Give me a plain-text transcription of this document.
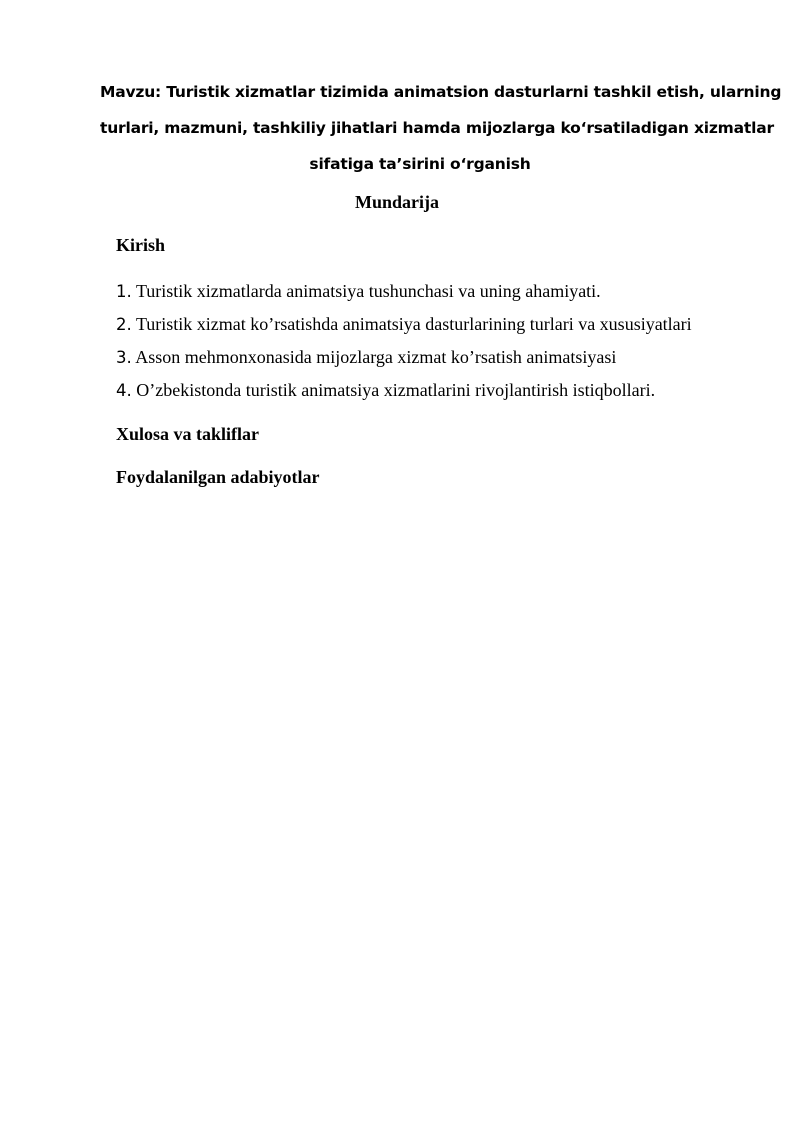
Mavzu: Turistik xizmatlar tizimida animatsion dasturlarni tashkil etish, ularning
turlari, mazmuni, tashkiliy jihatlari hamda mijozlarga ko‘rsatiladigan xizmatlar
sifatiga ta’sirini o‘rganish
Mundarija
Kirish
1. Turistik xizmatlarda animatsiya tushunchasi va uning ahamiyati.
2. Turistik xizmat ko’rsatishda animatsiya dasturlarining turlari va xususiyatlari
3. Asson mehmonxonasida mijozlarga xizmat ko’rsatish animatsiyasi
4. O’zbekistonda turistik animatsiya xizmatlarini rivojlantirish istiqbollari.
Xulosa va takliflar
Foydalanilgan adabiyotlar
